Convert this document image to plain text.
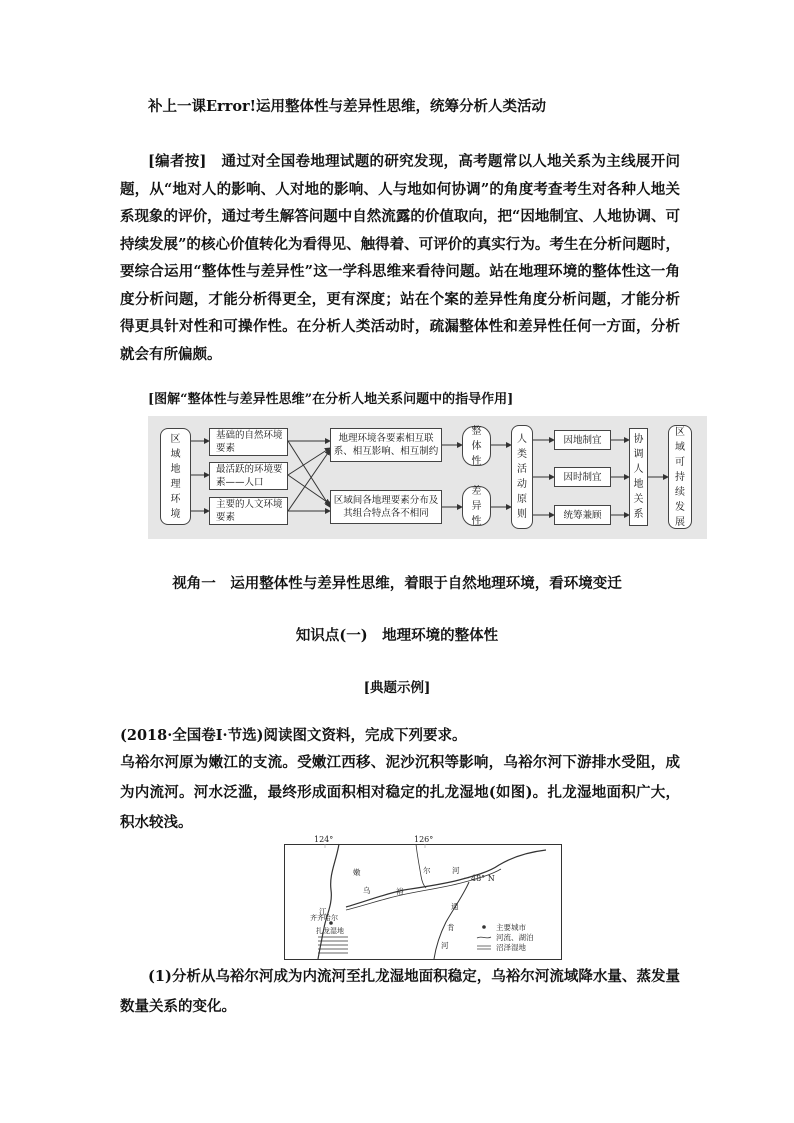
补上一课Error!运用整体性与差异性思维，统筹分析人类活动
[编者按]　 通过对全国卷地理试题的研究发现，高考题常以人地关系为主线展开问题，从“地对人的影响、人对地的影响、人与地如何协调”的角度考查考生对各种人地关系现象的评价，通过考生解答问题中自然流露的价值取向，把“因地制宜、人地协调、可持续发展”的核心价值转化为看得见、触得着、可评价的真实行为。考生在分析问题时，要综合运用“整体性与差异性”这一学科思维来看待问题。站在地理环境的整体性这一角度分析问题，才能分析得更全，更有深度；站在个案的差异性角度分析问题，才能分析得更具针对性和可操作性。在分析人类活动时，疏漏整体性和差异性任何一方面，分析就会有所偏颇。
[图解“整体性与差异性思维”在分析人地关系问题中的指导作用]
区域地理环境
基础的自然环境要素
最活跃的环境要素——人口
主要的人文环境要素
地理环境各要素相互联系、相互影响、相互制约
区域间各地理要素分布及其组合特点各不相同
整体性
差异性
人类活动原则
因地制宜
因时制宜
统筹兼顾
协调人地关系
区域可持续发展
视角一　运用整体性与差异性思维，着眼于自然地理环境，看环境变迁
知识点(一)　地理环境的整体性
[典题示例]
(2018·全国卷Ⅰ·节选)阅读图文资料，完成下列要求。
乌裕尔河原为嫩江的支流。受嫩江西移、泥沙沉积等影响，乌裕尔河下游排水受阻，成为内流河。河水泛滥，最终形成面积相对稳定的扎龙湿地(如图)。扎龙湿地面积广大，积水较浅。
124°	126°
48° N
嫩
乌	裕
尔	河
江
通
肯
河
齐齐哈尔
扎龙湿地	主要城市
河流、湖泊
沼泽湿地
(1)分析从乌裕尔河成为内流河至扎龙湿地面积稳定，乌裕尔河流域降水量、蒸发量数量关系的变化。
